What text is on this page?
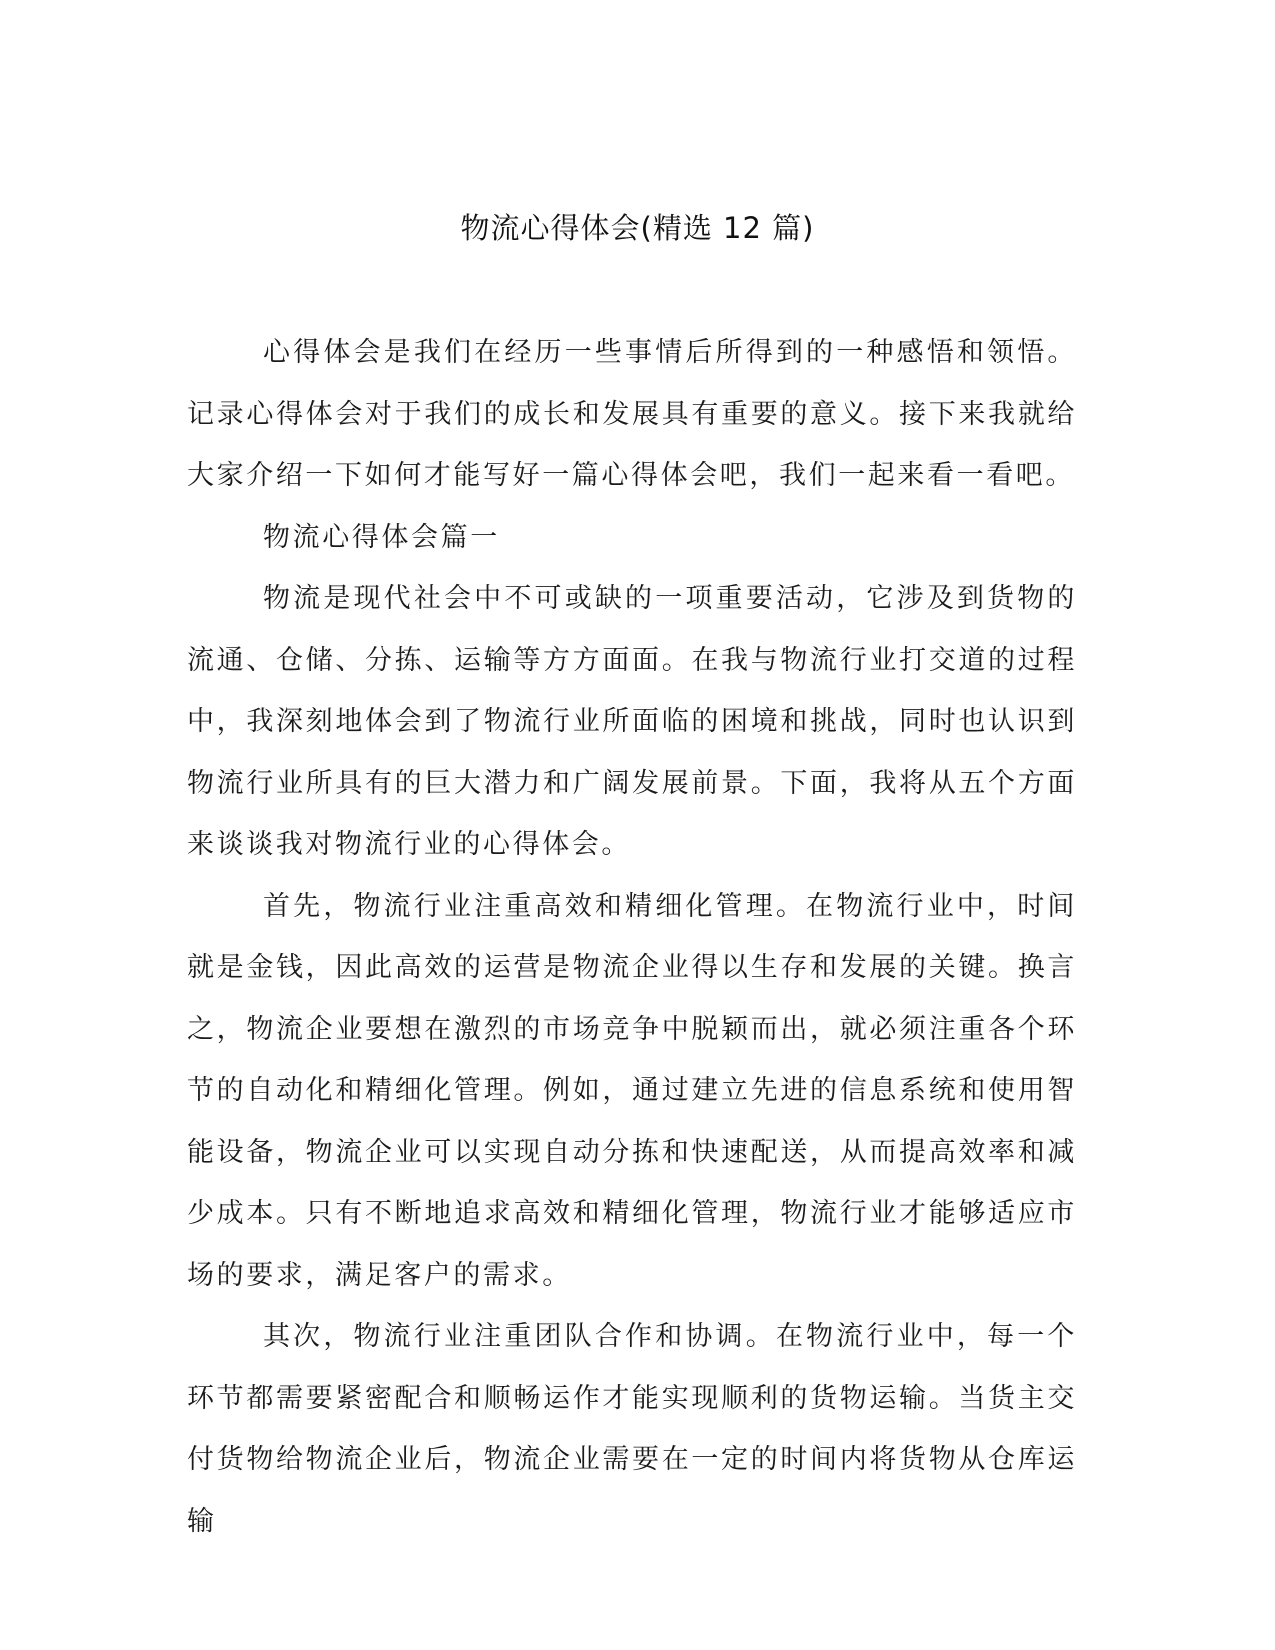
物流心得体会(精选 12 篇)

心得体会是我们在经历一些事情后所得到的一种感悟和领悟。记录心得体会对于我们的成长和发展具有重要的意义。接下来我就给大家介绍一下如何才能写好一篇心得体会吧，我们一起来看一看吧。

物流心得体会篇一

物流是现代社会中不可或缺的一项重要活动，它涉及到货物的流通、仓储、分拣、运输等方方面面。在我与物流行业打交道的过程中，我深刻地体会到了物流行业所面临的困境和挑战，同时也认识到物流行业所具有的巨大潜力和广阔发展前景。下面，我将从五个方面来谈谈我对物流行业的心得体会。

首先，物流行业注重高效和精细化管理。在物流行业中，时间就是金钱，因此高效的运营是物流企业得以生存和发展的关键。换言之，物流企业要想在激烈的市场竞争中脱颖而出，就必须注重各个环节的自动化和精细化管理。例如，通过建立先进的信息系统和使用智能设备，物流企业可以实现自动分拣和快速配送，从而提高效率和减少成本。只有不断地追求高效和精细化管理，物流行业才能够适应市场的要求，满足客户的需求。

其次，物流行业注重团队合作和协调。在物流行业中，每一个环节都需要紧密配合和顺畅运作才能实现顺利的货物运输。当货主交付货物给物流企业后，物流企业需要在一定的时间内将货物从仓库运输
